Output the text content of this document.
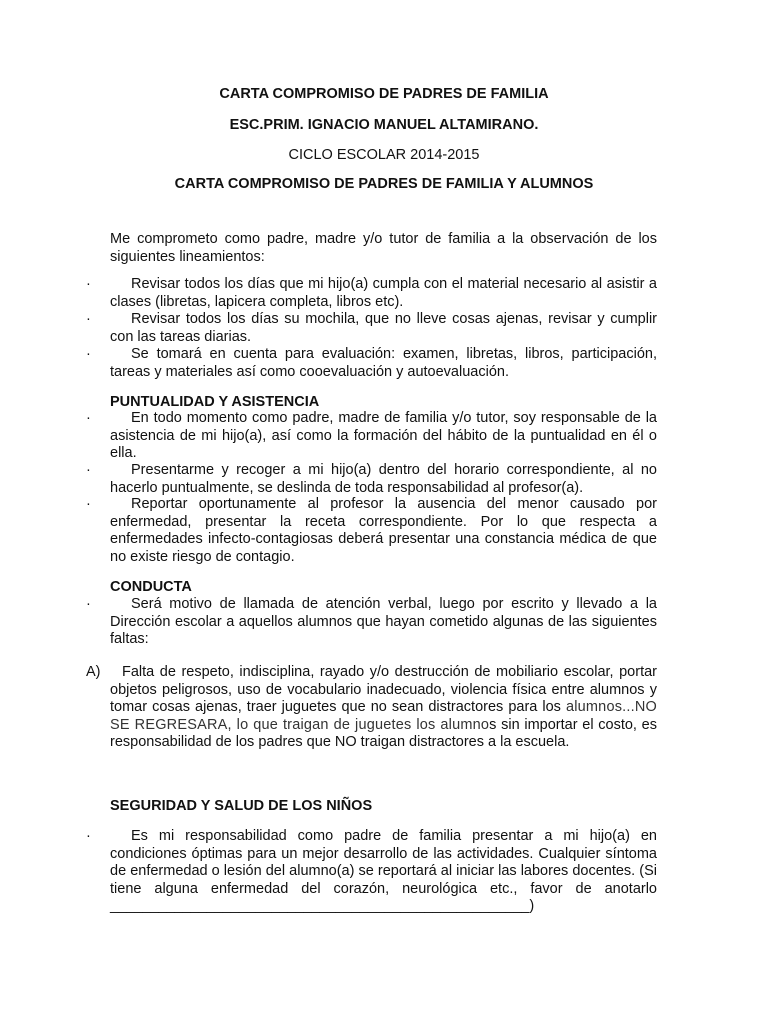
CARTA COMPROMISO DE PADRES DE FAMILIA
ESC.PRIM. IGNACIO MANUEL ALTAMIRANO.
CICLO ESCOLAR 2014-2015
CARTA COMPROMISO DE PADRES DE FAMILIA Y ALUMNOS

Me comprometo como padre, madre y/o tutor de familia a la observación de los siguientes lineamientos:

·	Revisar todos los días que mi hijo(a) cumpla con el material necesario al asistir a clases (libretas, lapicera completa, libros etc).

·	Revisar todos los días su mochila, que no lleve cosas ajenas, revisar y cumplir con las tareas diarias.

·	Se tomará en cuenta para evaluación: examen, libretas, libros, participación, tareas y materiales así como cooevaluación y autoevaluación.

PUNTUALIDAD Y ASISTENCIA
·	En todo momento como padre, madre de familia y/o tutor, soy responsable de la asistencia de mi hijo(a), así como la formación del hábito de la puntualidad en él o ella.

·	Presentarme y recoger a mi hijo(a) dentro del horario correspondiente, al no hacerlo puntualmente, se deslinda de toda responsabilidad al profesor(a).

·	Reportar oportunamente al profesor la ausencia del menor causado por enfermedad, presentar la receta correspondiente. Por lo que respecta a enfermedades infecto-contagiosas deberá presentar una constancia médica de que no existe riesgo de contagio.

CONDUCTA
·	Será motivo de llamada de atención verbal, luego por escrito y llevado a la Dirección escolar a aquellos alumnos que hayan cometido algunas de las siguientes faltas:

A)	Falta de respeto, indisciplina, rayado y/o destrucción de mobiliario escolar, portar objetos peligrosos, uso de vocabulario inadecuado, violencia física entre alumnos y tomar cosas ajenas, traer juguetes que no sean distractores para los alumnos...NO SE REGRESARA, lo que traigan de juguetes los alumnos sin importar el costo, es responsabilidad de los padres que NO traigan distractores a la escuela.

SEGURIDAD Y SALUD DE LOS NIÑOS
·	Es mi responsabilidad como padre de familia presentar a mi hijo(a) en condiciones óptimas para un mejor desarrollo de las actividades. Cualquier síntoma de enfermedad o lesión del alumno(a) se reportará al iniciar las labores docentes. (Si tiene alguna enfermedad del corazón, neurológica etc., favor de anotarlo ____________________________________________________)
